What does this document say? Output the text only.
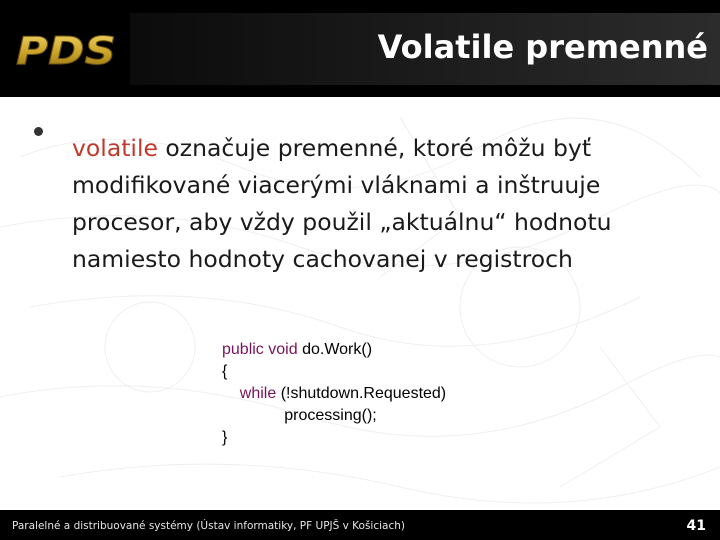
PDS	Volatile premenné

volatile označuje premenné, ktoré môžu byť
modifikované viacerými vláknami a inštruuje
procesor, aby vždy použil „aktuálnu“ hodnotu
namiesto hodnoty cachovanej v registroch

public void do.Work()
{
while (!shutdown.Requested)
processing();
}
Paralelné a distribuované systémy (Ústav informatiky, PF UPJŠ v Košiciach)	41
